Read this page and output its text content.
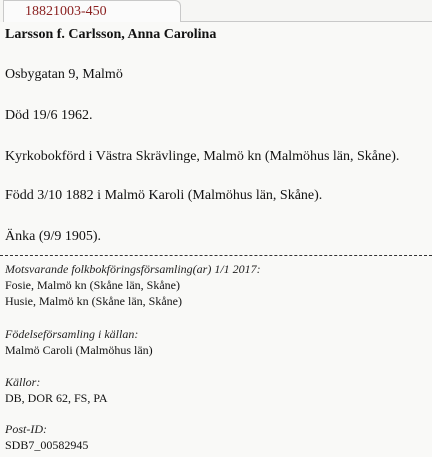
18821003-450
Larsson f. Carlsson, Anna Carolina
Osbygatan 9, Malmö
Död 19/6 1962.
Kyrkobokförd i Västra Skrävlinge, Malmö kn (Malmöhus län, Skåne).
Född 3/10 1882 i Malmö Karoli (Malmöhus län, Skåne).
Änka (9/9 1905).
Motsvarande folkbokföringsförsamling(ar) 1/1 2017:
Fosie, Malmö kn (Skåne län, Skåne)
Husie, Malmö kn (Skåne län, Skåne)
Födelseförsamling i källan:
Malmö Caroli (Malmöhus län)
Källor:
DB, DOR 62, FS, PA
Post-ID:
SDB7_00582945
